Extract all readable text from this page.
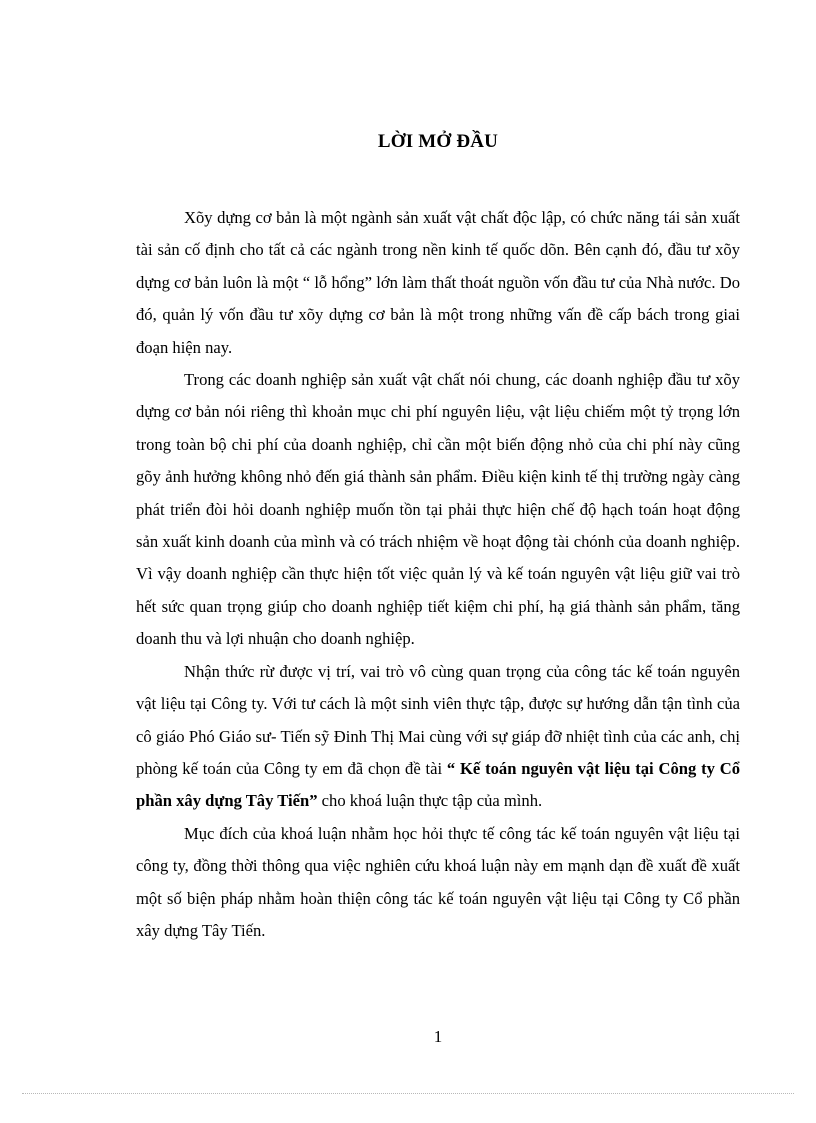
LỜI MỞ ĐẦU

Xõy dựng cơ bản là một ngành sản xuất vật chất độc lập, có chức năng tái sản xuất tài sản cố định cho tất cả các ngành trong nền kinh tế quốc dõn. Bên cạnh đó, đầu tư xõy dựng cơ bản luôn là một “ lỗ hổng” lớn làm thất thoát nguồn vốn đầu tư của Nhà nước. Do đó, quản lý vốn đầu tư xõy dựng cơ bản là một trong những vấn đề cấp bách trong giai đoạn hiện nay.

Trong các doanh nghiệp sản xuất vật chất nói chung, các doanh nghiệp đầu tư xõy dựng cơ bản nói riêng thì khoản mục chi phí nguyên liệu, vật liệu chiếm một tỷ trọng lớn trong toàn bộ chi phí của doanh nghiệp, chỉ cần một biến động nhỏ của chi phí này cũng gõy ảnh hưởng không nhỏ đến giá thành sản phẩm. Điều kiện kinh tế thị trường ngày càng phát triển đòi hỏi doanh nghiệp muốn tồn tại phải thực hiện chế độ hạch toán hoạt động sản xuất kinh doanh của mình và có trách nhiệm về hoạt động tài chónh của doanh nghiệp. Vì vậy doanh nghiệp cần thực hiện tốt việc quản lý và kế toán nguyên vật liệu giữ vai trò hết sức quan trọng giúp cho doanh nghiệp tiết kiệm chi phí, hạ giá thành sản phẩm, tăng doanh thu và lợi nhuận cho doanh nghiệp.

Nhận thức rừ được vị trí, vai trò vô cùng quan trọng của công tác kế toán nguyên vật liệu tại Công ty. Với tư cách là một sinh viên thực tập, được sự hướng dẫn tận tình của cô giáo Phó Giáo sư- Tiến sỹ Đinh Thị Mai cùng với sự giáp đỡ nhiệt tình của các anh, chị phòng kế toán của Công ty em đã chọn đề tài “ Kế toán nguyên vật liệu tại Công ty Cổ phần xây dựng Tây Tiến” cho khoá luận thực tập của mình.

Mục đích của khoá luận nhằm học hỏi thực tế công tác kế toán nguyên vật liệu tại công ty, đồng thời thông qua việc nghiên cứu khoá luận này em mạnh dạn đề xuất đề xuất một số biện pháp nhằm hoàn thiện công tác kế toán nguyên vật liệu tại Công ty Cổ phần xây dựng Tây Tiến.

1
